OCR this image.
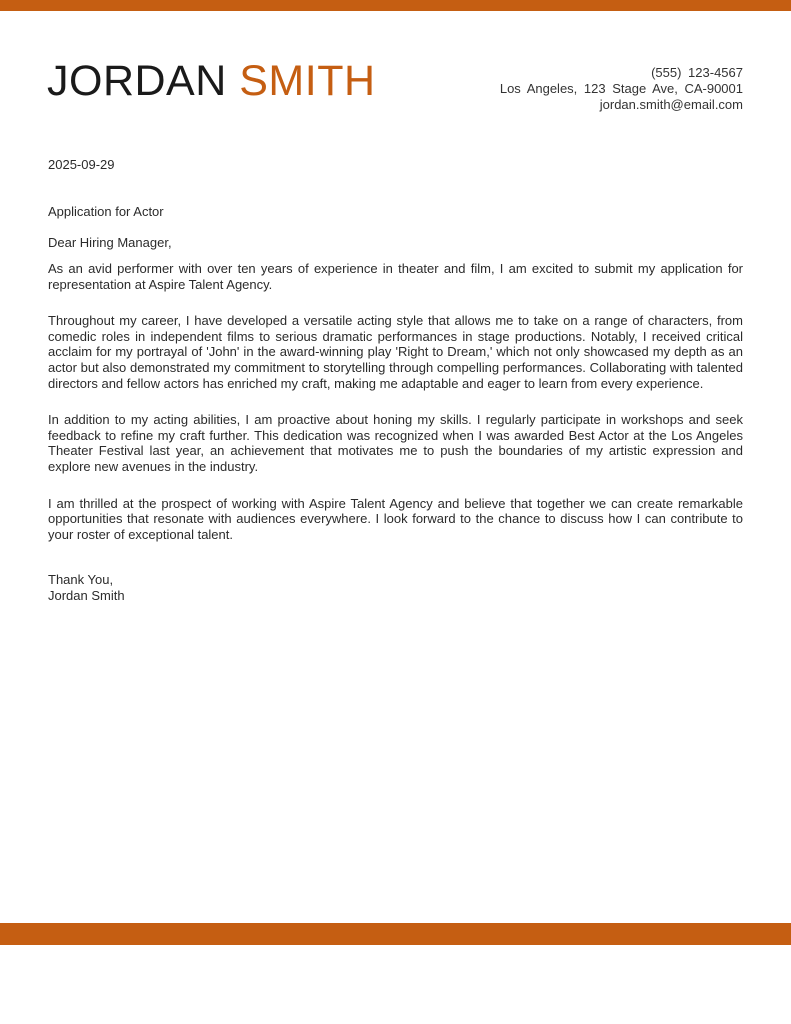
JORDAN SMITH	(555) 123-4567
Los Angeles, 123 Stage Ave, CA-90001
jordan.smith@email.com
2025-09-29
Application for Actor
Dear Hiring Manager,

As an avid performer with over ten years of experience in theater and film, I am excited to submit my application for representation at Aspire Talent Agency.

Throughout my career, I have developed a versatile acting style that allows me to take on a range of characters, from comedic roles in independent films to serious dramatic performances in stage productions. Notably, I received critical acclaim for my portrayal of 'John' in the award-winning play 'Right to Dream,' which not only showcased my depth as an actor but also demonstrated my commitment to storytelling through compelling performances. Collaborating with talented directors and fellow actors has enriched my craft, making me adaptable and eager to learn from every experience.

In addition to my acting abilities, I am proactive about honing my skills. I regularly participate in workshops and seek feedback to refine my craft further. This dedication was recognized when I was awarded Best Actor at the Los Angeles Theater Festival last year, an achievement that motivates me to push the boundaries of my artistic expression and explore new avenues in the industry.

I am thrilled at the prospect of working with Aspire Talent Agency and believe that together we can create remarkable opportunities that resonate with audiences everywhere. I look forward to the chance to discuss how I can contribute to your roster of exceptional talent.

Thank You,
Jordan Smith
